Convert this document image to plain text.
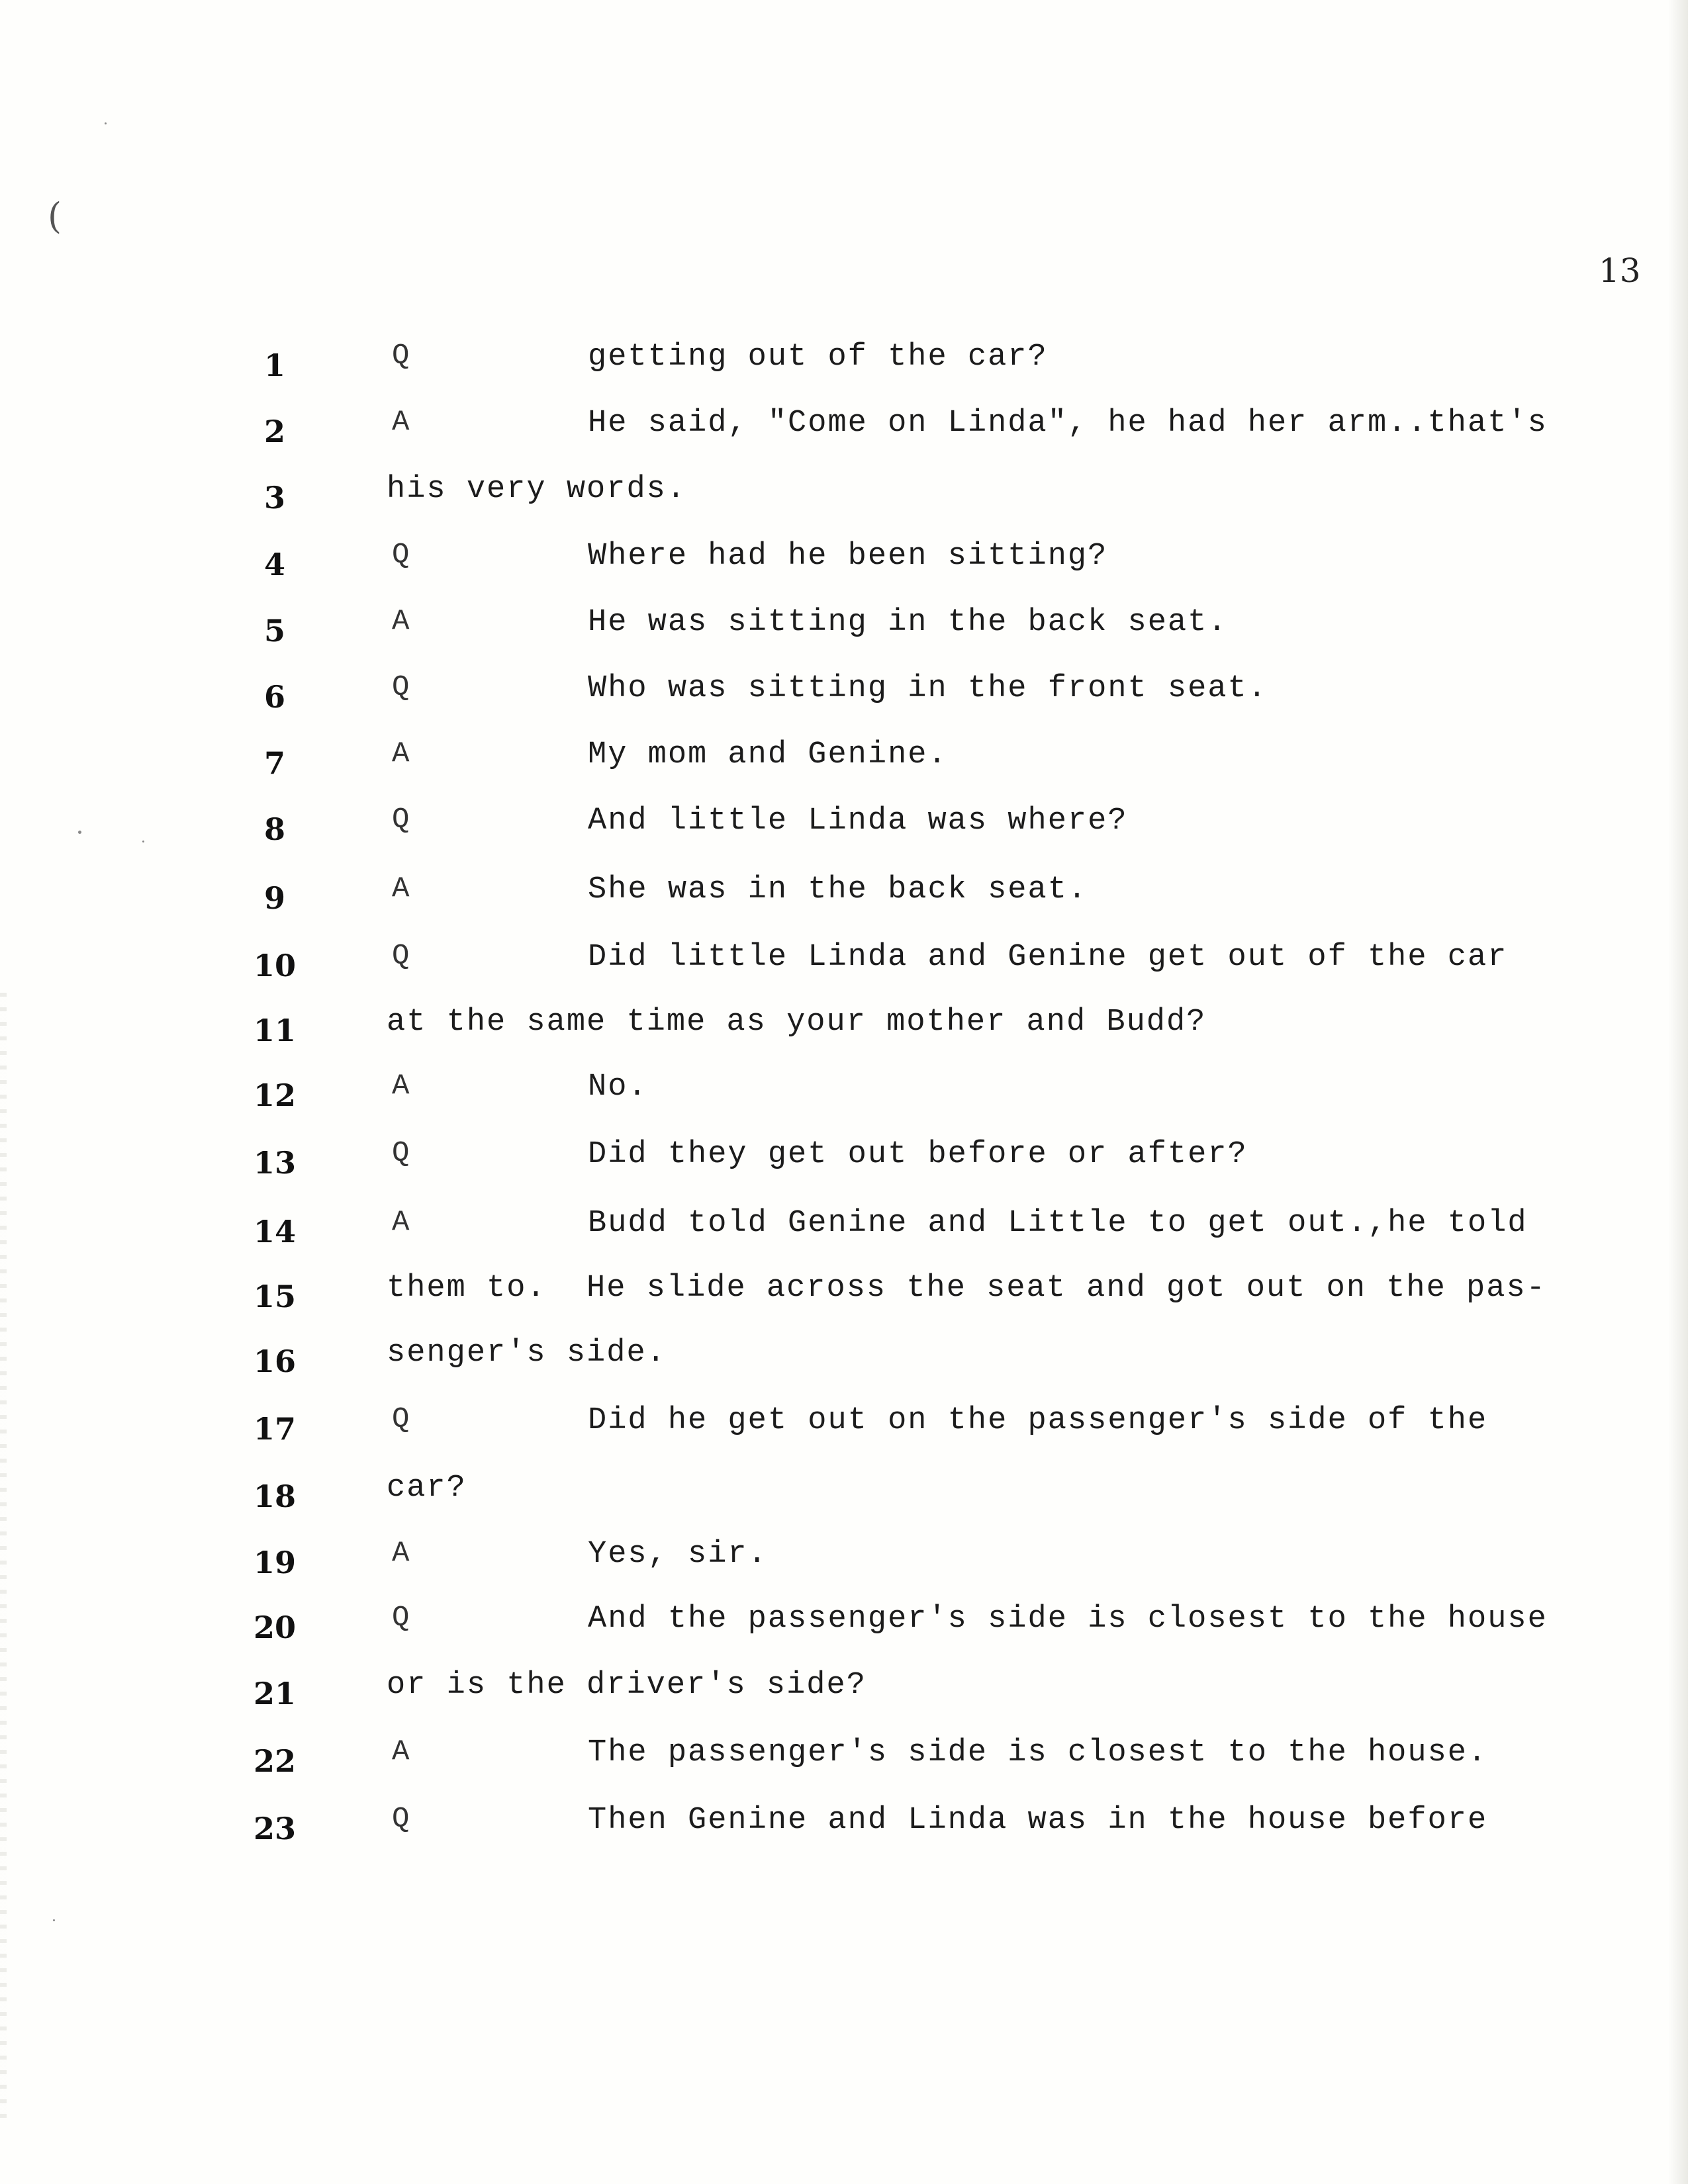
(
13
1	Q	getting out of the car?
2	A	He said, "Come on Linda", he had her arm..that's
3	his very words.
4	Q	Where had he been sitting?
5	A	He was sitting in the back seat.
6	Q	Who was sitting in the front seat.
7	A	My mom and Genine.
8	Q	And little Linda was where?
9	A	She was in the back seat.
10	Q	Did little Linda and Genine get out of the car
11	at the same time as your mother and Budd?
12	A	No.
13	Q	Did they get out before or after?
14	A	Budd told Genine and Little to get out.,he told
15	them to.  He slide across the seat and got out on the pas-
16	senger's side.
17	Q	Did he get out on the passenger's side of the
18	car?
19	A	Yes, sir.
20	Q	And the passenger's side is closest to the house
21	or is the driver's side?
22	A	The passenger's side is closest to the house.
23	Q	Then Genine and Linda was in the house before
